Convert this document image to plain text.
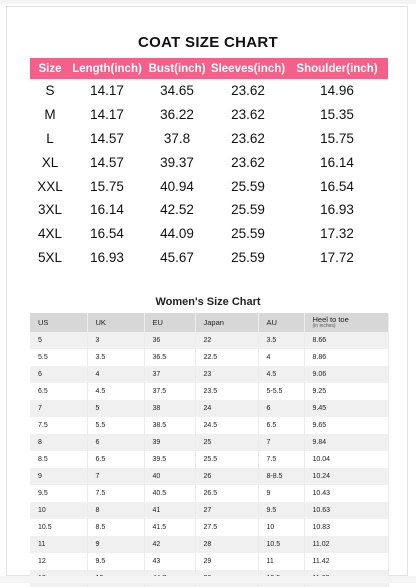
COAT SIZE CHART
Size	Length(inch)	Bust(inch)	Sleeves(inch)	Shoulder(inch)
S	14.17	34.65	23.62	14.96
M	14.17	36.22	23.62	15.35
L	14.57	37.8	23.62	15.75
XL	14.57	39.37	23.62	16.14
XXL	15.75	40.94	25.59	16.54
3XL	16.14	42.52	25.59	16.93
4XL	16.54	44.09	25.59	17.32
5XL	16.93	45.67	25.59	17.72
Women's Size Chart
US	UK	EU	Japan	AU	Heel to toe
(in inches)

5	3	36	22	3.5	8.66
5.5	3.5	36.5	22.5	4	8.86
6	4	37	23	4.5	9.06
6.5	4.5	37.5	23.5	5-5.5	9.25
7	5	38	24	6	9.45
7.5	5.5	38.5	24.5	6.5	9.65
8	6	39	25	7	9.84
8.5	6.5	39.5	25.5	7.5	10.04
9	7	40	26	8-8.5	10.24
9.5	7.5	40.5	26.5	9	10.43
10	8	41	27	9.5	10.63
10.5	8.5	41.5	27.5	10	10.83
11	9	42	28	10.5	11.02
12	9.5	43	29	11	11.42
